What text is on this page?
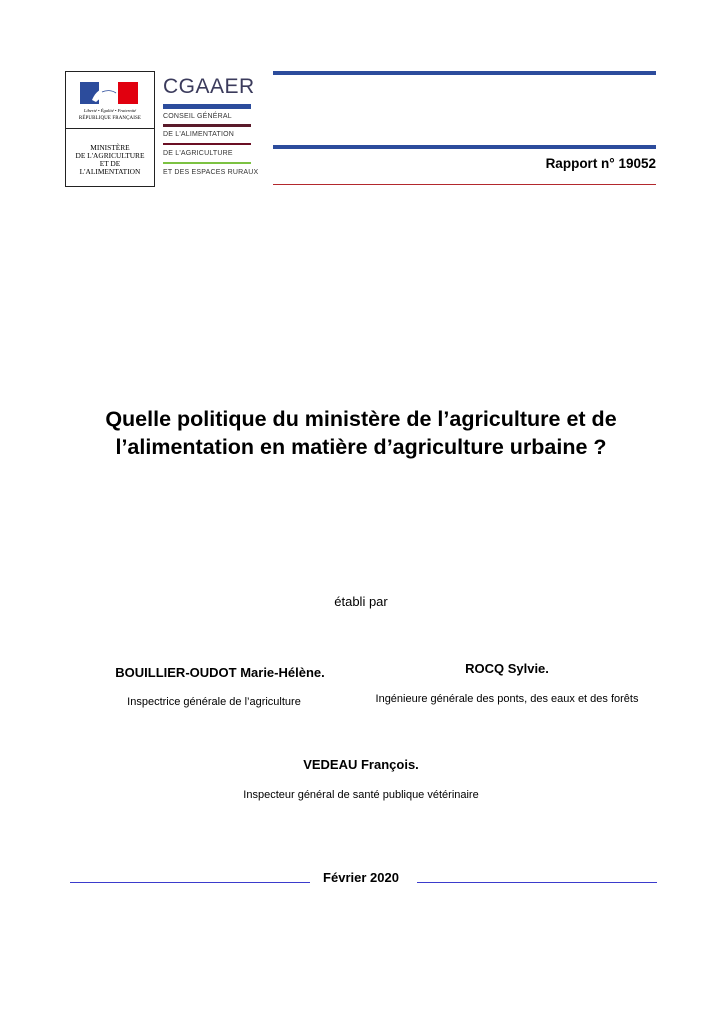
Liberté • Égalité • Fraternité
RÉPUBLIQUE FRANÇAISE
MINISTÈRE
DE L'AGRICULTURE
ET DE
L'ALIMENTATION
CGAAER
CONSEIL GÉNÉRAL
DE L'ALIMENTATION
DE L'AGRICULTURE
ET DES ESPACES RURAUX
Rapport n° 19052
Quelle politique du ministère de l’agriculture et de
l’alimentation en matière d’agriculture urbaine ?
établi par
BOUILLIER-OUDOT Marie-Hélène.
Inspectrice générale de l’agriculture
ROCQ Sylvie.
Ingénieure générale des ponts, des eaux et des forêts
VEDEAU François.
Inspecteur général de santé publique vétérinaire
Février 2020
